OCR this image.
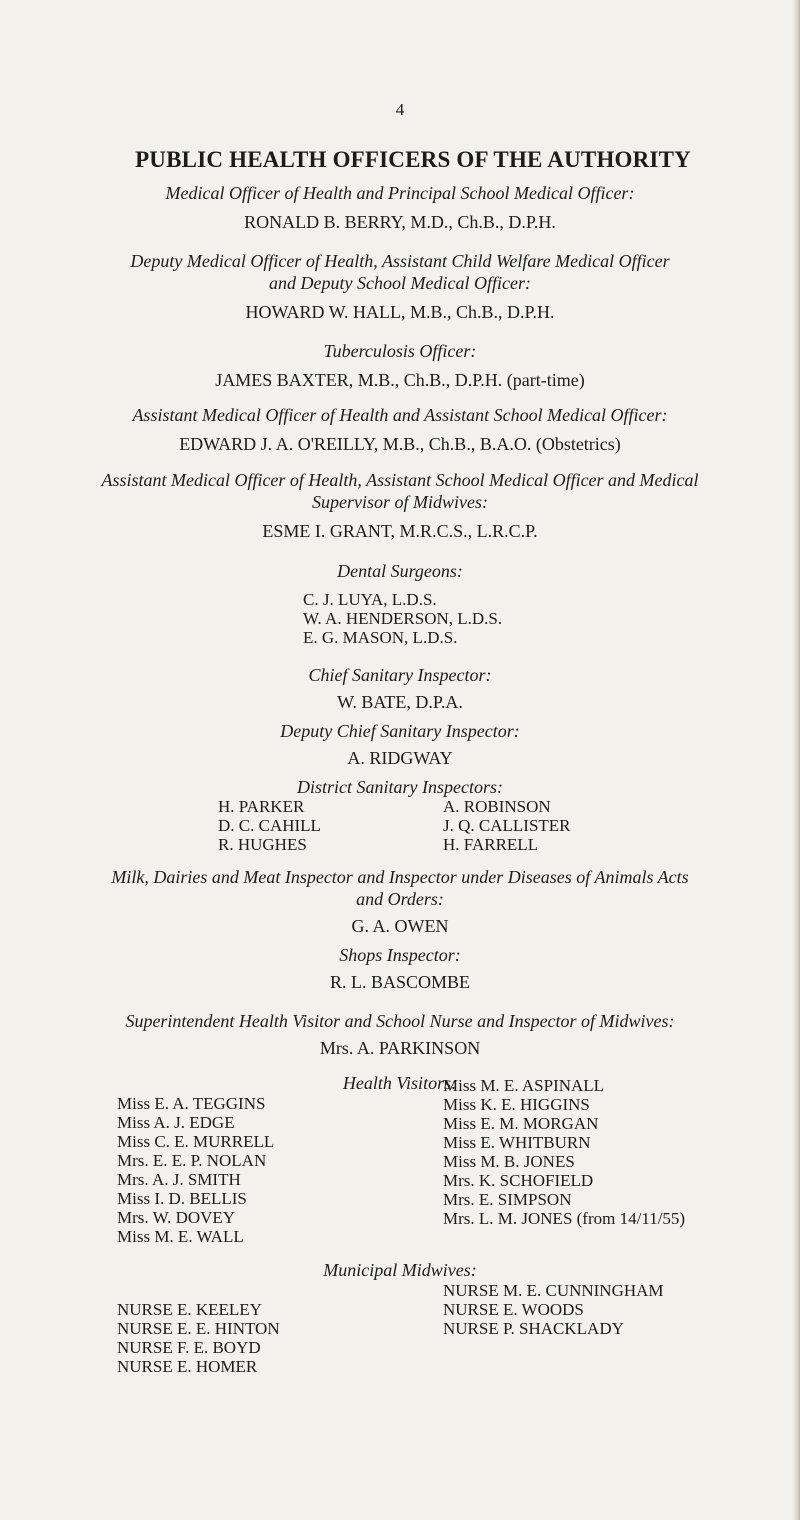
4
PUBLIC HEALTH OFFICERS OF THE AUTHORITY
Medical Officer of Health and Principal School Medical Officer:
RONALD B. BERRY, M.D., Ch.B., D.P.H.
Deputy Medical Officer of Health, Assistant Child Welfare Medical Officer
and Deputy School Medical Officer:
HOWARD W. HALL, M.B., Ch.B., D.P.H.
Tuberculosis Officer:
JAMES BAXTER, M.B., Ch.B., D.P.H. (part-time)
Assistant Medical Officer of Health and Assistant School Medical Officer:
EDWARD J. A. O'REILLY, M.B., Ch.B., B.A.O. (Obstetrics)
Assistant Medical Officer of Health, Assistant School Medical Officer and Medical
Supervisor of Midwives:
ESME I. GRANT, M.R.C.S., L.R.C.P.
Dental Surgeons:
C. J. LUYA, L.D.S.
W. A. HENDERSON, L.D.S.
E. G. MASON, L.D.S.
Chief Sanitary Inspector:
W. BATE, D.P.A.
Deputy Chief Sanitary Inspector:
A. RIDGWAY
District Sanitary Inspectors:
H. PARKER
D. C. CAHILL
R. HUGHES
A. ROBINSON
J. Q. CALLISTER
H. FARRELL
Milk, Dairies and Meat Inspector and Inspector under Diseases of Animals Acts
and Orders:
G. A. OWEN
Shops Inspector:
R. L. BASCOMBE
Superintendent Health Visitor and School Nurse and Inspector of Midwives:
Mrs. A. PARKINSON
Health Visitors:
Miss E. A. TEGGINS
Miss A. J. EDGE
Miss C. E. MURRELL
Mrs. E. E. P. NOLAN
Mrs. A. J. SMITH
Miss I. D. BELLIS
Mrs. W. DOVEY
Miss M. E. WALL
Miss M. E. ASPINALL
Miss K. E. HIGGINS
Miss E. M. MORGAN
Miss E. WHITBURN
Miss M. B. JONES
Mrs. K. SCHOFIELD
Mrs. E. SIMPSON
Mrs. L. M. JONES (from 14/11/55)
Municipal Midwives:
NURSE E. KEELEY
NURSE E. E. HINTON
NURSE F. E. BOYD
NURSE E. HOMER
NURSE M. E. CUNNINGHAM
NURSE E. WOODS
NURSE P. SHACKLADY
